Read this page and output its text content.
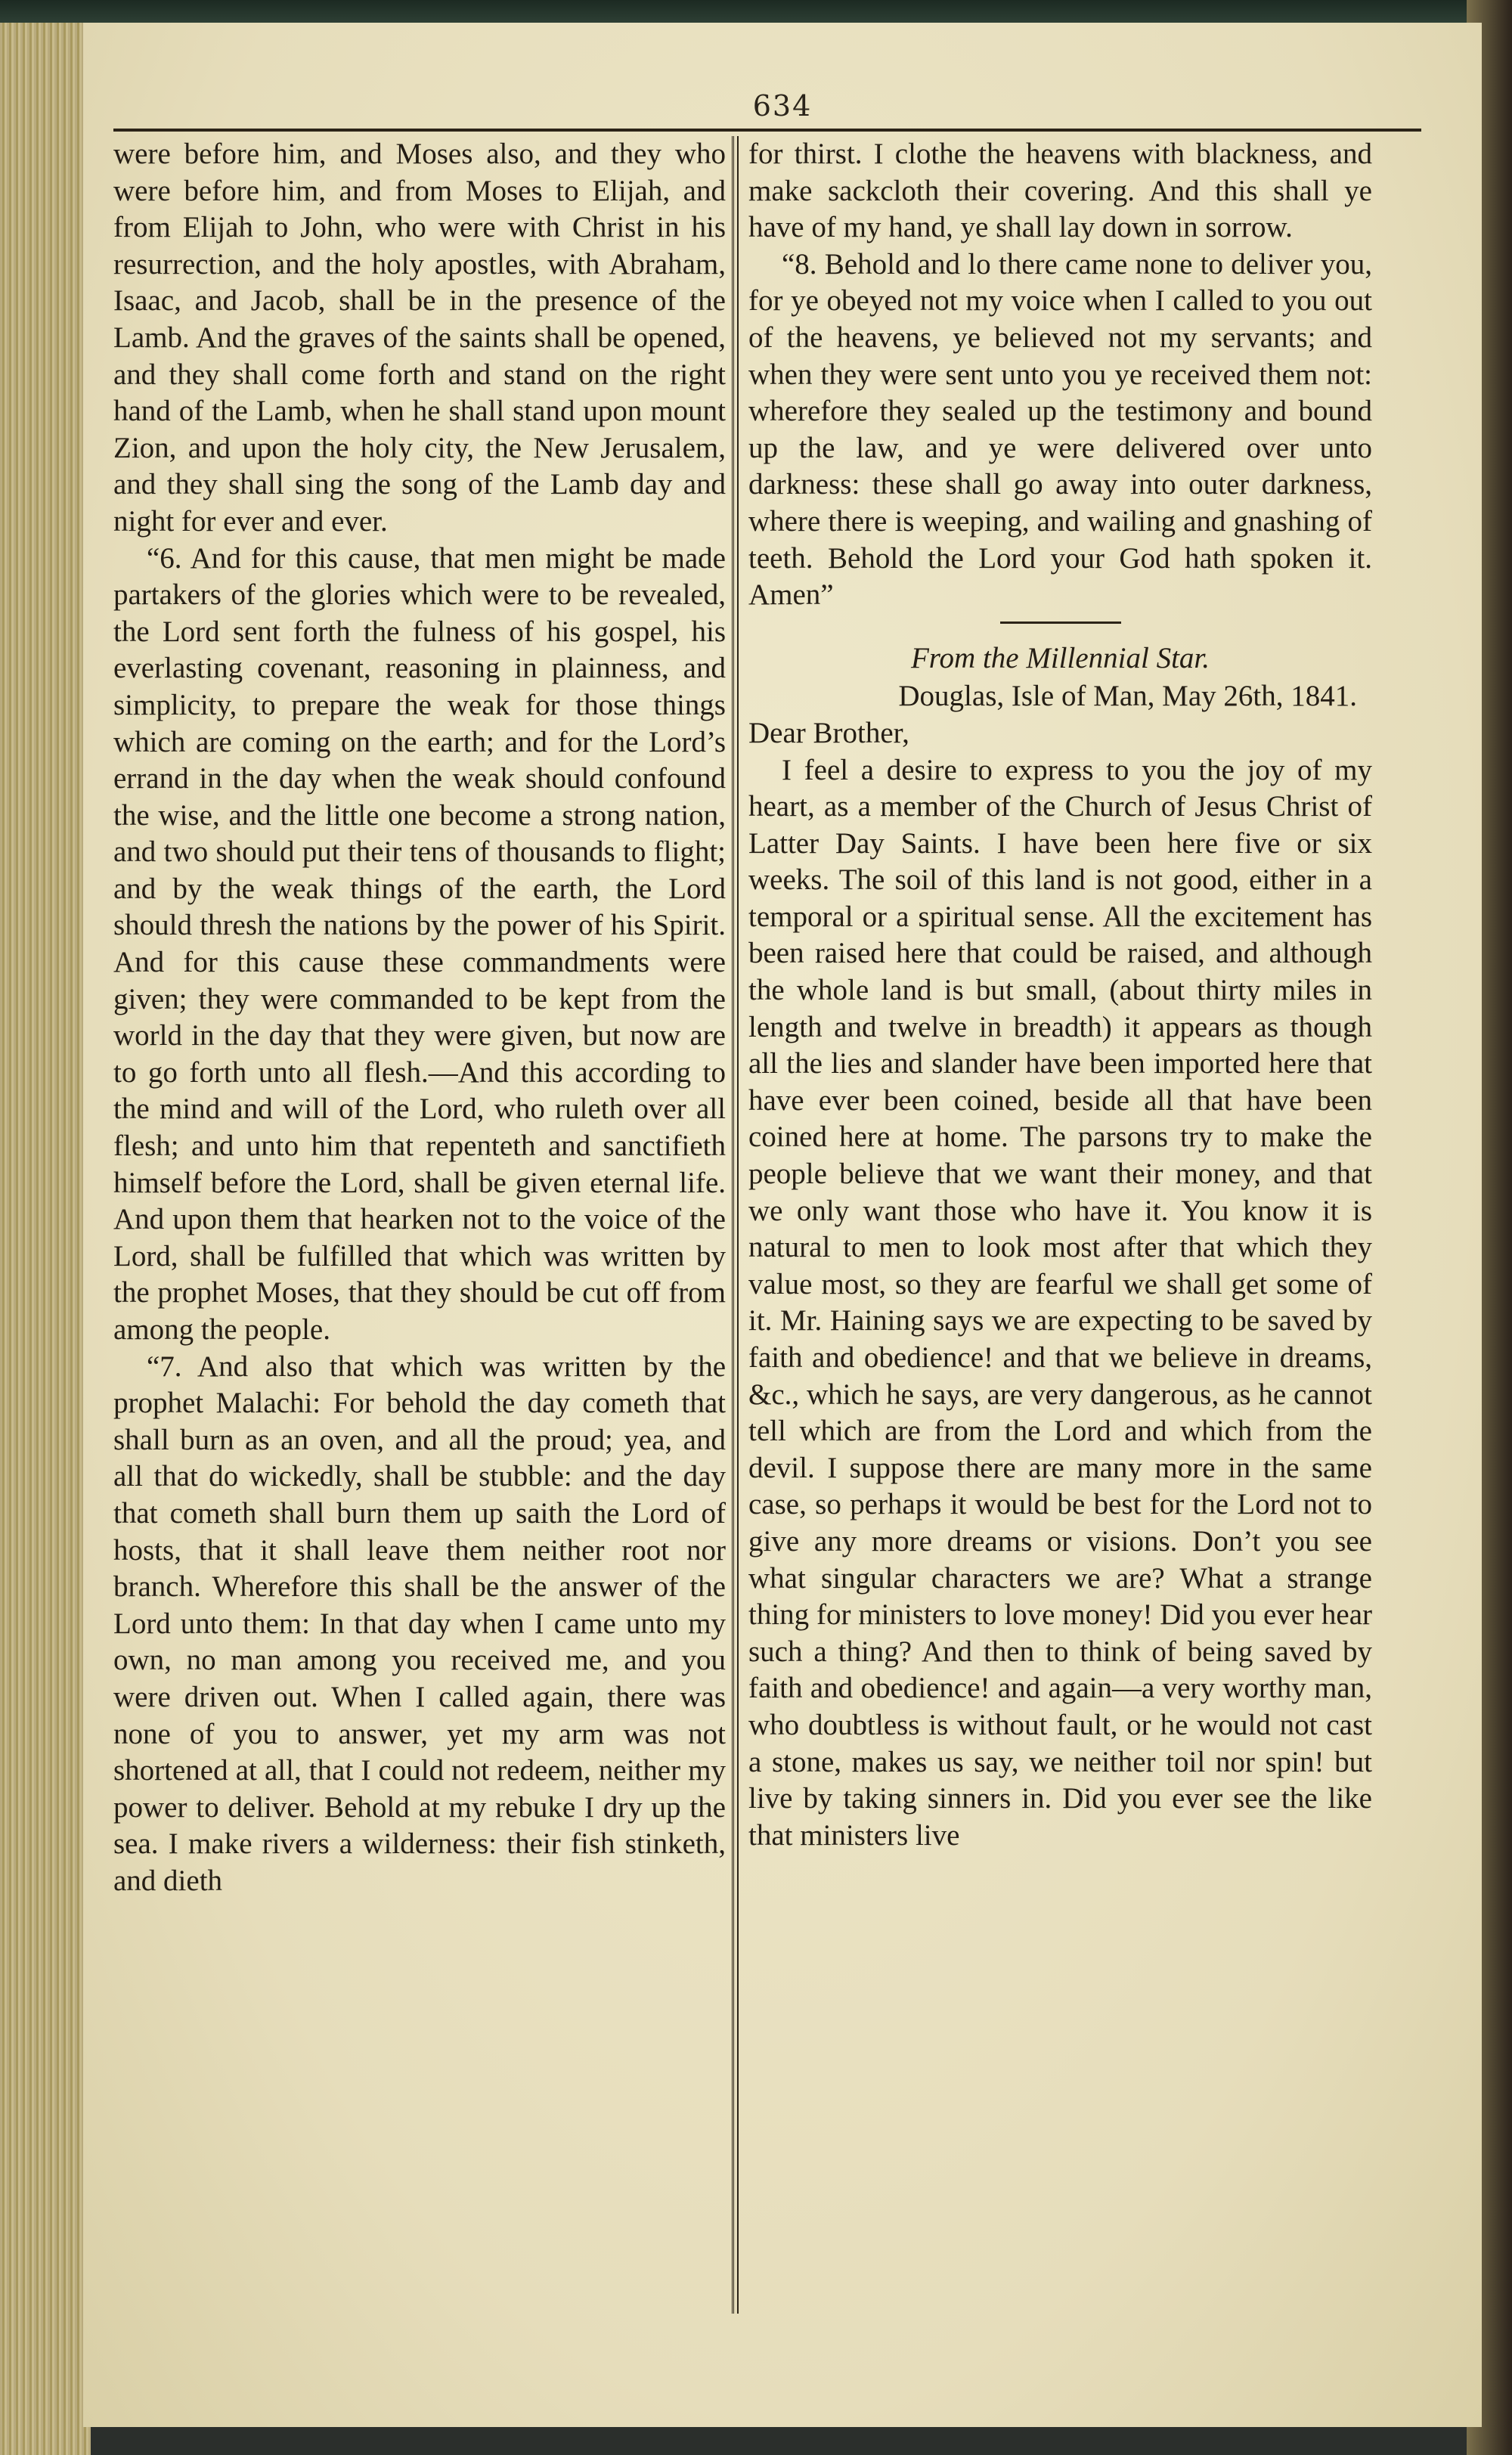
634

were before him, and Moses also, and they who were before him, and from Moses to Elijah, and from Elijah to John, who were with Christ in his resurrection, and the holy apostles, with Abraham, Isaac, and Jacob, shall be in the presence of the Lamb. And the graves of the saints shall be opened, and they shall come forth and stand on the right hand of the Lamb, when he shall stand upon mount Zion, and upon the holy city, the New Jerusalem, and they shall sing the song of the Lamb day and night for ever and ever.

“6. And for this cause, that men might be made partakers of the glories which were to be revealed, the Lord sent forth the fulness of his gospel, his everlasting covenant, reasoning in plainness, and simplicity, to prepare the weak for those things which are coming on the earth; and for the Lord’s errand in the day when the weak should confound the wise, and the little one become a strong nation, and two should put their tens of thousands to flight; and by the weak things of the earth, the Lord should thresh the nations by the power of his Spirit. And for this cause these commandments were given; they were commanded to be kept from the world in the day that they were given, but now are to go forth unto all flesh.—And this according to the mind and will of the Lord, who ruleth over all flesh; and unto him that repenteth and sanctifieth himself before the Lord, shall be given eternal life. And upon them that hearken not to the voice of the Lord, shall be fulfilled that which was written by the prophet Moses, that they should be cut off from among the people.

“7. And also that which was written by the prophet Malachi: For behold the day cometh that shall burn as an oven, and all the proud; yea, and all that do wickedly, shall be stubble: and the day that cometh shall burn them up saith the Lord of hosts, that it shall leave them neither root nor branch. Wherefore this shall be the answer of the Lord unto them: In that day when I came unto my own, no man among you received me, and you were driven out. When I called again, there was none of you to answer, yet my arm was not shortened at all, that I could not redeem, neither my power to deliver. Behold at my rebuke I dry up the sea. I make rivers a wilderness: their fish stinketh, and dieth

for thirst. I clothe the heavens with blackness, and make sackcloth their covering. And this shall ye have of my hand, ye shall lay down in sorrow.

“8. Behold and lo there came none to deliver you, for ye obeyed not my voice when I called to you out of the heavens, ye believed not my servants; and when they were sent unto you ye received them not: wherefore they sealed up the testimony and bound up the law, and ye were delivered over unto darkness: these shall go away into outer darkness, where there is weeping, and wailing and gnashing of teeth. Behold the Lord your God hath spoken it. Amen”

From the Millennial Star.

Douglas, Isle of Man, May 26th, 1841.

Dear Brother,

I feel a desire to express to you the joy of my heart, as a member of the Church of Jesus Christ of Latter Day Saints. I have been here five or six weeks. The soil of this land is not good, either in a temporal or a spiritual sense. All the excitement has been raised here that could be raised, and although the whole land is but small, (about thirty miles in length and twelve in breadth) it appears as though all the lies and slander have been imported here that have ever been coined, beside all that have been coined here at home. The parsons try to make the people believe that we want their money, and that we only want those who have it. You know it is natural to men to look most after that which they value most, so they are fearful we shall get some of it. Mr. Haining says we are expecting to be saved by faith and obedience! and that we believe in dreams, &c., which he says, are very dangerous, as he cannot tell which are from the Lord and which from the devil. I suppose there are many more in the same case, so perhaps it would be best for the Lord not to give any more dreams or visions. Don’t you see what singular characters we are? What a strange thing for ministers to love money! Did you ever hear such a thing? And then to think of being saved by faith and obedience! and again—a very worthy man, who doubtless is without fault, or he would not cast a stone, makes us say, we neither toil nor spin! but live by taking sinners in. Did you ever see the like that ministers live
